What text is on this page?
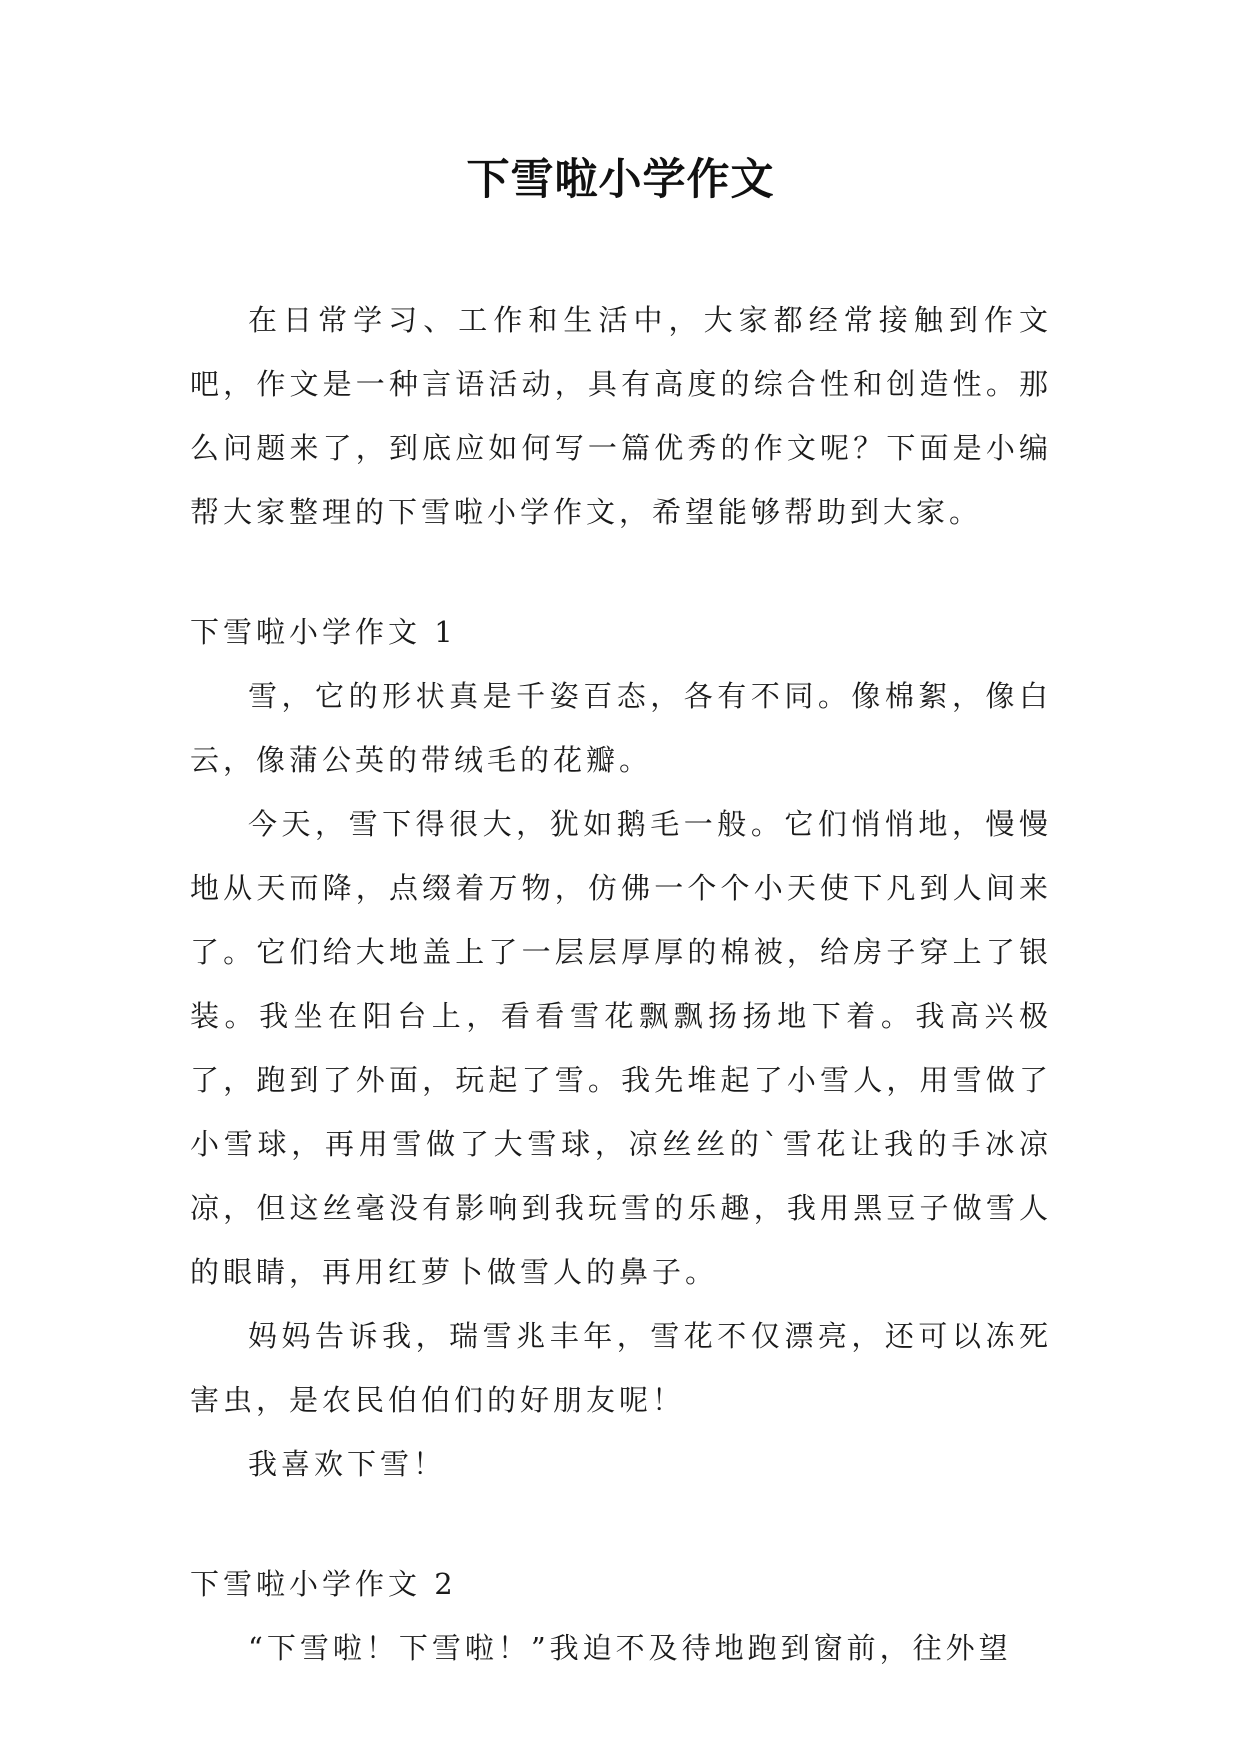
下雪啦小学作文

在日常学习、工作和生活中，大家都经常接触到作文吧，作文是一种言语活动，具有高度的综合性和创造性。那么问题来了，到底应如何写一篇优秀的作文呢？下面是小编帮大家整理的下雪啦小学作文，希望能够帮助到大家。

下雪啦小学作文 1

雪，它的形状真是千姿百态，各有不同。像棉絮，像白云，像蒲公英的带绒毛的花瓣。

今天，雪下得很大，犹如鹅毛一般。它们悄悄地，慢慢地从天而降，点缀着万物，仿佛一个个小天使下凡到人间来了。它们给大地盖上了一层层厚厚的棉被，给房子穿上了银装。我坐在阳台上，看看雪花飘飘扬扬地下着。我高兴极了，跑到了外面，玩起了雪。我先堆起了小雪人，用雪做了小雪球，再用雪做了大雪球，凉丝丝的`雪花让我的手冰凉凉，但这丝毫没有影响到我玩雪的乐趣，我用黑豆子做雪人的眼睛，再用红萝卜做雪人的鼻子。

妈妈告诉我，瑞雪兆丰年，雪花不仅漂亮，还可以冻死害虫，是农民伯伯们的好朋友呢！

我喜欢下雪！

下雪啦小学作文 2

“下雪啦！下雪啦！”我迫不及待地跑到窗前，往外望
